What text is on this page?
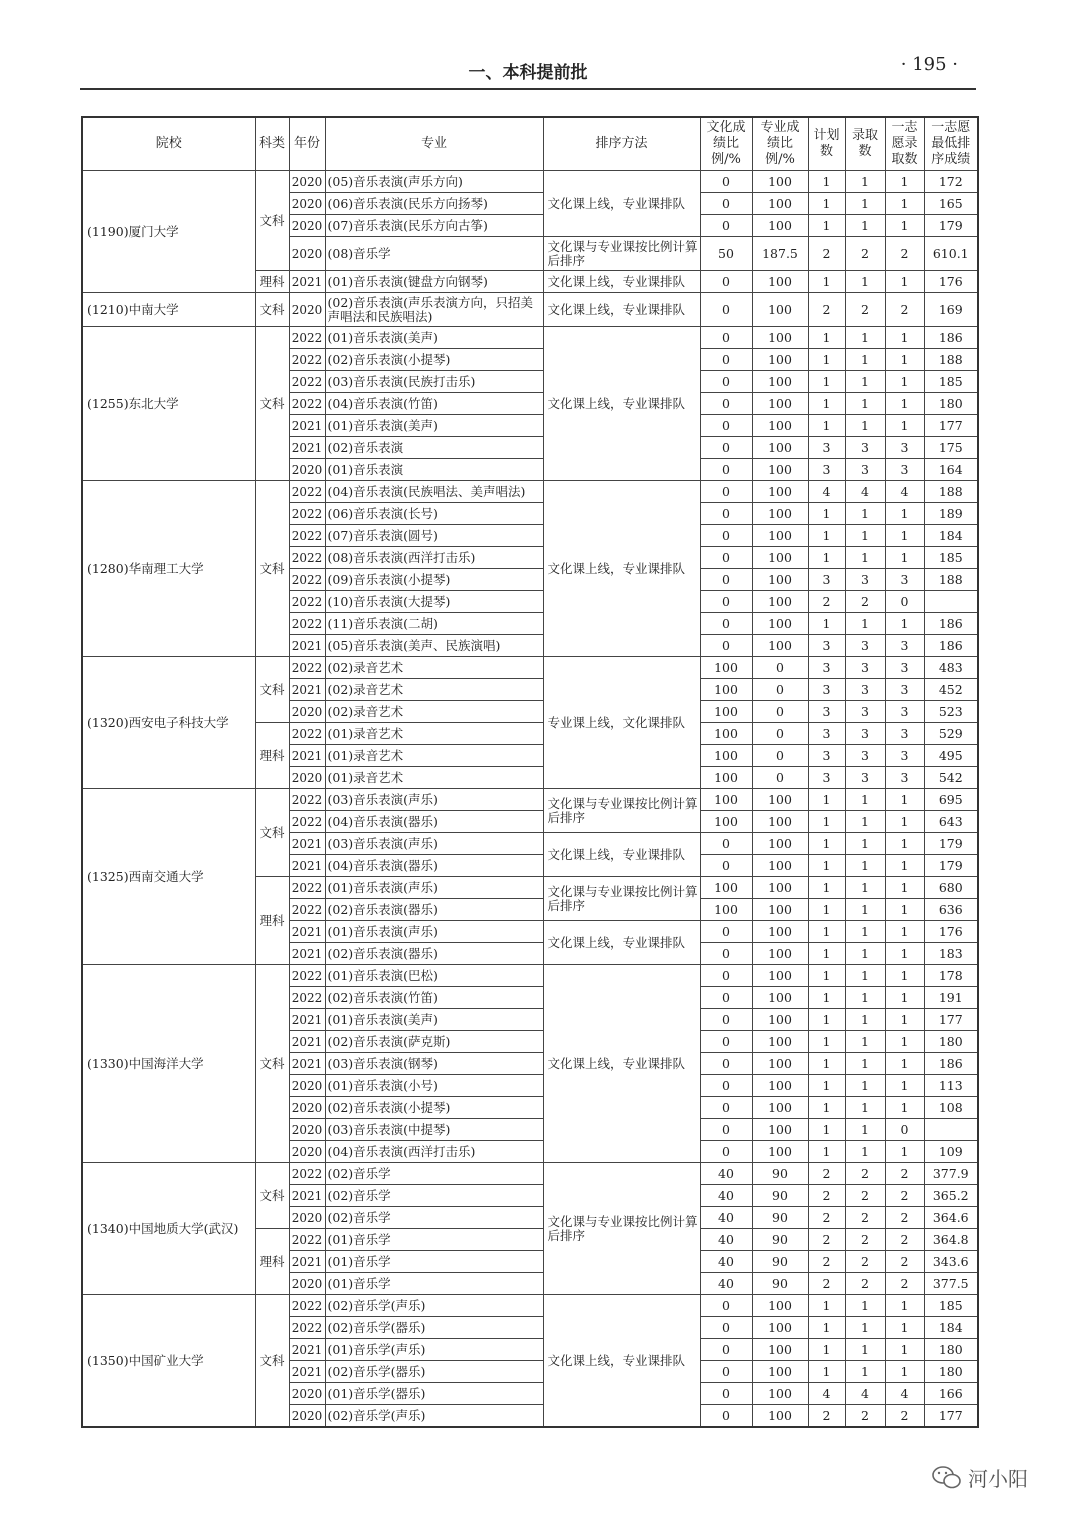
一、本科提前批	· 195 ·
院校	科类	年份	专业	排序方法	文化成绩比例/%	专业成绩比例/%	计划数	录取数	一志愿录取数	一志愿最低排序成绩
(1190)厦门大学	文科	2020	(05)音乐表演(声乐方向)	文化课上线，专业课排队	0	100	1	1	1	172
		2020	(06)音乐表演(民乐方向扬琴)		0	100	1	1	1	165
		2020	(07)音乐表演(民乐方向古筝)		0	100	1	1	1	179
		2020	(08)音乐学	文化课与专业课按比例计算后排序	50	187.5	2	2	2	610.1
	理科	2021	(01)音乐表演(键盘方向钢琴)	文化课上线，专业课排队	0	100	1	1	1	176
(1210)中南大学	文科	2020	(02)音乐表演(声乐表演方向，只招美声唱法和民族唱法)	文化课上线，专业课排队	0	100	2	2	2	169
(1255)东北大学	文科	2022	(01)音乐表演(美声)	文化课上线，专业课排队	0	100	1	1	1	186
		2022	(02)音乐表演(小提琴)		0	100	1	1	1	188
		2022	(03)音乐表演(民族打击乐)		0	100	1	1	1	185
		2022	(04)音乐表演(竹笛)		0	100	1	1	1	180
		2021	(01)音乐表演(美声)		0	100	1	1	1	177
		2021	(02)音乐表演		0	100	3	3	3	175
		2020	(01)音乐表演		0	100	3	3	3	164
(1280)华南理工大学	文科	2022	(04)音乐表演(民族唱法、美声唱法)	文化课上线，专业课排队	0	100	4	4	4	188
		2022	(06)音乐表演(长号)		0	100	1	1	1	189
		2022	(07)音乐表演(圆号)		0	100	1	1	1	184
		2022	(08)音乐表演(西洋打击乐)		0	100	1	1	1	185
		2022	(09)音乐表演(小提琴)		0	100	3	3	3	188
		2022	(10)音乐表演(大提琴)		0	100	2	2	0	
		2022	(11)音乐表演(二胡)		0	100	1	1	1	186
		2021	(05)音乐表演(美声、民族演唱)		0	100	3	3	3	186
(1320)西安电子科技大学	文科	2022	(02)录音艺术	专业课上线，文化课排队	100	0	3	3	3	483
		2021	(02)录音艺术		100	0	3	3	3	452
		2020	(02)录音艺术		100	0	3	3	3	523
	理科	2022	(01)录音艺术		100	0	3	3	3	529
		2021	(01)录音艺术		100	0	3	3	3	495
		2020	(01)录音艺术		100	0	3	3	3	542
(1325)西南交通大学	文科	2022	(03)音乐表演(声乐)	文化课与专业课按比例计算后排序	100	100	1	1	1	695
		2022	(04)音乐表演(器乐)		100	100	1	1	1	643
		2021	(03)音乐表演(声乐)	文化课上线，专业课排队	0	100	1	1	1	179
		2021	(04)音乐表演(器乐)		0	100	1	1	1	179
	理科	2022	(01)音乐表演(声乐)	文化课与专业课按比例计算后排序	100	100	1	1	1	680
		2022	(02)音乐表演(器乐)		100	100	1	1	1	636
		2021	(01)音乐表演(声乐)	文化课上线，专业课排队	0	100	1	1	1	176
		2021	(02)音乐表演(器乐)		0	100	1	1	1	183
(1330)中国海洋大学	文科	2022	(01)音乐表演(巴松)	文化课上线，专业课排队	0	100	1	1	1	178
		2022	(02)音乐表演(竹笛)		0	100	1	1	1	191
		2021	(01)音乐表演(美声)		0	100	1	1	1	177
		2021	(02)音乐表演(萨克斯)		0	100	1	1	1	180
		2021	(03)音乐表演(钢琴)		0	100	1	1	1	186
		2020	(01)音乐表演(小号)		0	100	1	1	1	113
		2020	(02)音乐表演(小提琴)		0	100	1	1	1	108
		2020	(03)音乐表演(中提琴)		0	100	1	1	0	
		2020	(04)音乐表演(西洋打击乐)		0	100	1	1	1	109
(1340)中国地质大学(武汉)	文科	2022	(02)音乐学	文化课与专业课按比例计算后排序	40	90	2	2	2	377.9
		2021	(02)音乐学		40	90	2	2	2	365.2
		2020	(02)音乐学		40	90	2	2	2	364.6
	理科	2022	(01)音乐学		40	90	2	2	2	364.8
		2021	(01)音乐学		40	90	2	2	2	343.6
		2020	(01)音乐学		40	90	2	2	2	377.5
(1350)中国矿业大学	文科	2022	(02)音乐学(声乐)	文化课上线，专业课排队	0	100	1	1	1	185
		2022	(02)音乐学(器乐)		0	100	1	1	1	184
		2021	(01)音乐学(声乐)		0	100	1	1	1	180
		2021	(02)音乐学(器乐)		0	100	1	1	1	180
		2020	(01)音乐学(器乐)		0	100	4	4	4	166
		2020	(02)音乐学(声乐)		0	100	2	2	2	177
河小阳
